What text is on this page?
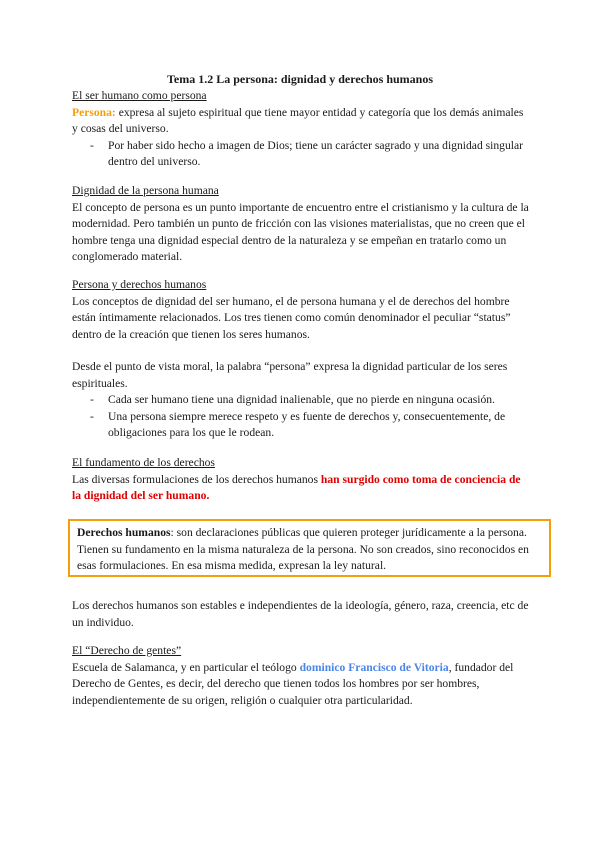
Tema 1.2 La persona: dignidad y derechos humanos
El ser humano como persona

Persona: expresa al sujeto espiritual que tiene mayor entidad y categoría que los demás animales y cosas del universo.

- Por haber sido hecho a imagen de Dios; tiene un carácter sagrado y una dignidad singular dentro del universo.
Dignidad de la persona humana

El concepto de persona es un punto importante de encuentro entre el cristianismo y la cultura de la modernidad. Pero también un punto de fricción con las visiones materialistas, que no creen que el hombre tenga una dignidad especial dentro de la naturaleza y se empeñan en tratarlo como un conglomerado material.

Persona y derechos humanos

Los conceptos de dignidad del ser humano, el de persona humana y el de derechos del hombre están íntimamente relacionados. Los tres tienen como común denominador el peculiar “status” dentro de la creación que tienen los seres humanos.

Desde el punto de vista moral, la palabra “persona” expresa la dignidad particular de los seres espirituales.

- Cada ser humano tiene una dignidad inalienable, que no pierde en ninguna ocasión.
- Una persona siempre merece respeto y es fuente de derechos y, consecuentemente, de obligaciones para los que le rodean.
El fundamento de los derechos

Las diversas formulaciones de los derechos humanos han surgido como toma de conciencia de la dignidad del ser humano.

Derechos humanos: son declaraciones públicas que quieren proteger jurídicamente a la persona. Tienen su fundamento en la misma naturaleza de la persona. No son creados, sino reconocidos en esas formulaciones. En esa misma medida, expresan la ley natural.

Los derechos humanos son estables e independientes de la ideología, género, raza, creencia, etc de un individuo.

El “Derecho de gentes”

Escuela de Salamanca, y en particular el teólogo dominico Francisco de Vitoria, fundador del Derecho de Gentes, es decir, del derecho que tienen todos los hombres por ser hombres, independientemente de su origen, religión o cualquier otra particularidad.
